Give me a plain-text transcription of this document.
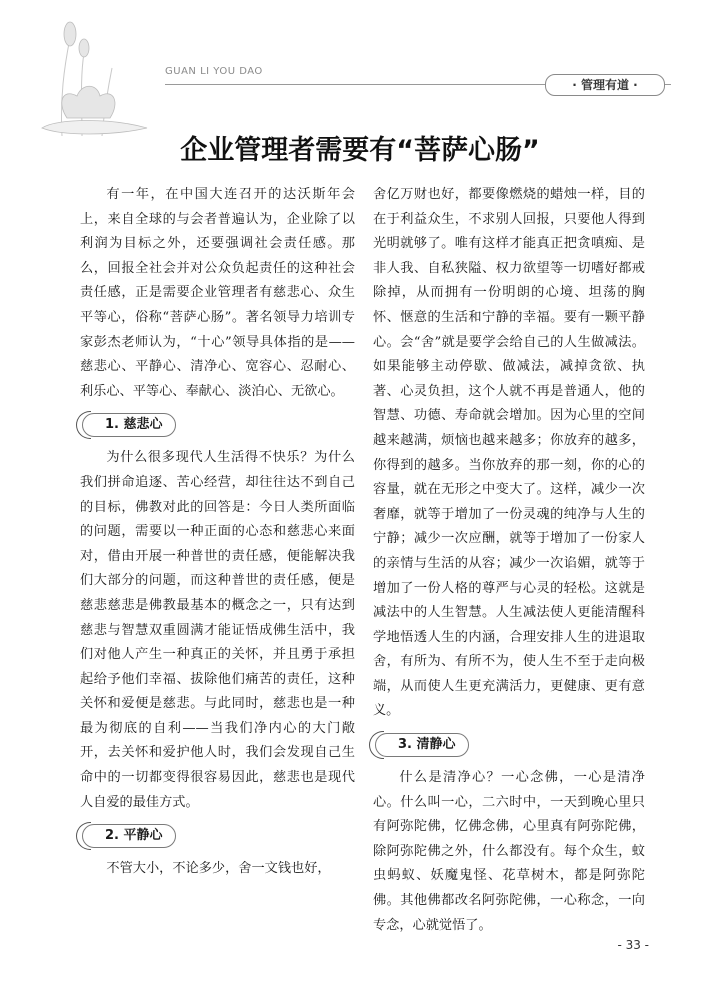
GUAN LI YOU DAO
· 管理有道 ·
企业管理者需要有“菩萨心肠”

有一年，在中国大连召开的达沃斯年会上，来自全球的与会者普遍认为，企业除了以利润为目标之外，还要强调社会责任感。那么，回报全社会并对公众负起责任的这种社会责任感，正是需要企业管理者有慈悲心、众生平等心，俗称“菩萨心肠”。著名领导力培训专家彭杰老师认为，“十心”领导具体指的是——慈悲心、平静心、清净心、宽容心、忍耐心、利乐心、平等心、奉献心、淡泊心、无欲心。

1. 慈悲心

为什么很多现代人生活得不快乐？为什么我们拼命追逐、苦心经营，却往往达不到自己的目标，佛教对此的回答是：今日人类所面临的问题，需要以一种正面的心态和慈悲心来面对，借由开展一种普世的责任感，便能解决我们大部分的问题，而这种普世的责任感，便是慈悲慈悲是佛教最基本的概念之一，只有达到慈悲与智慧双重圆满才能证悟成佛生活中，我们对他人产生一种真正的关怀，并且勇于承担起给予他们幸福、拔除他们痛苦的责任，这种关怀和爱便是慈悲。与此同时，慈悲也是一种最为彻底的自利——当我们净内心的大门敞开，去关怀和爱护他人时，我们会发现自己生命中的一切都变得很容易因此，慈悲也是现代人自爱的最佳方式。

2. 平静心

不管大小，不论多少，舍一文钱也好，

舍亿万财也好，都要像燃烧的蜡烛一样，目的在于利益众生，不求别人回报，只要他人得到光明就够了。唯有这样才能真正把贪嗔痴、是非人我、自私狭隘、权力欲望等一切嗜好都戒除掉，从而拥有一份明朗的心境、坦荡的胸怀、惬意的生活和宁静的幸福。要有一颗平静心。会“舍”就是要学会给自己的人生做减法。如果能够主动停歇、做减法，减掉贪欲、执著、心灵负担，这个人就不再是普通人，他的智慧、功德、寿命就会增加。因为心里的空间越来越满，烦恼也越来越多；你放弃的越多，你得到的越多。当你放弃的那一刻，你的心的容量，就在无形之中变大了。这样，减少一次奢靡，就等于增加了一份灵魂的纯净与人生的宁静；减少一次应酬，就等于增加了一份家人的亲情与生活的从容；减少一次谄媚，就等于增加了一份人格的尊严与心灵的轻松。这就是减法中的人生智慧。人生减法使人更能清醒科学地悟透人生的内涵，合理安排人生的进退取舍，有所为、有所不为，使人生不至于走向极端，从而使人生更充满活力，更健康、更有意义。

3. 清静心

什么是清净心？一心念佛，一心是清净心。什么叫一心，二六时中，一天到晚心里只有阿弥陀佛，忆佛念佛，心里真有阿弥陀佛，除阿弥陀佛之外，什么都没有。每个众生，蚊虫蚂蚁、妖魔鬼怪、花草树木，都是阿弥陀佛。其他佛都改名阿弥陀佛，一心称念，一向专念，心就觉悟了。

- 33 -
